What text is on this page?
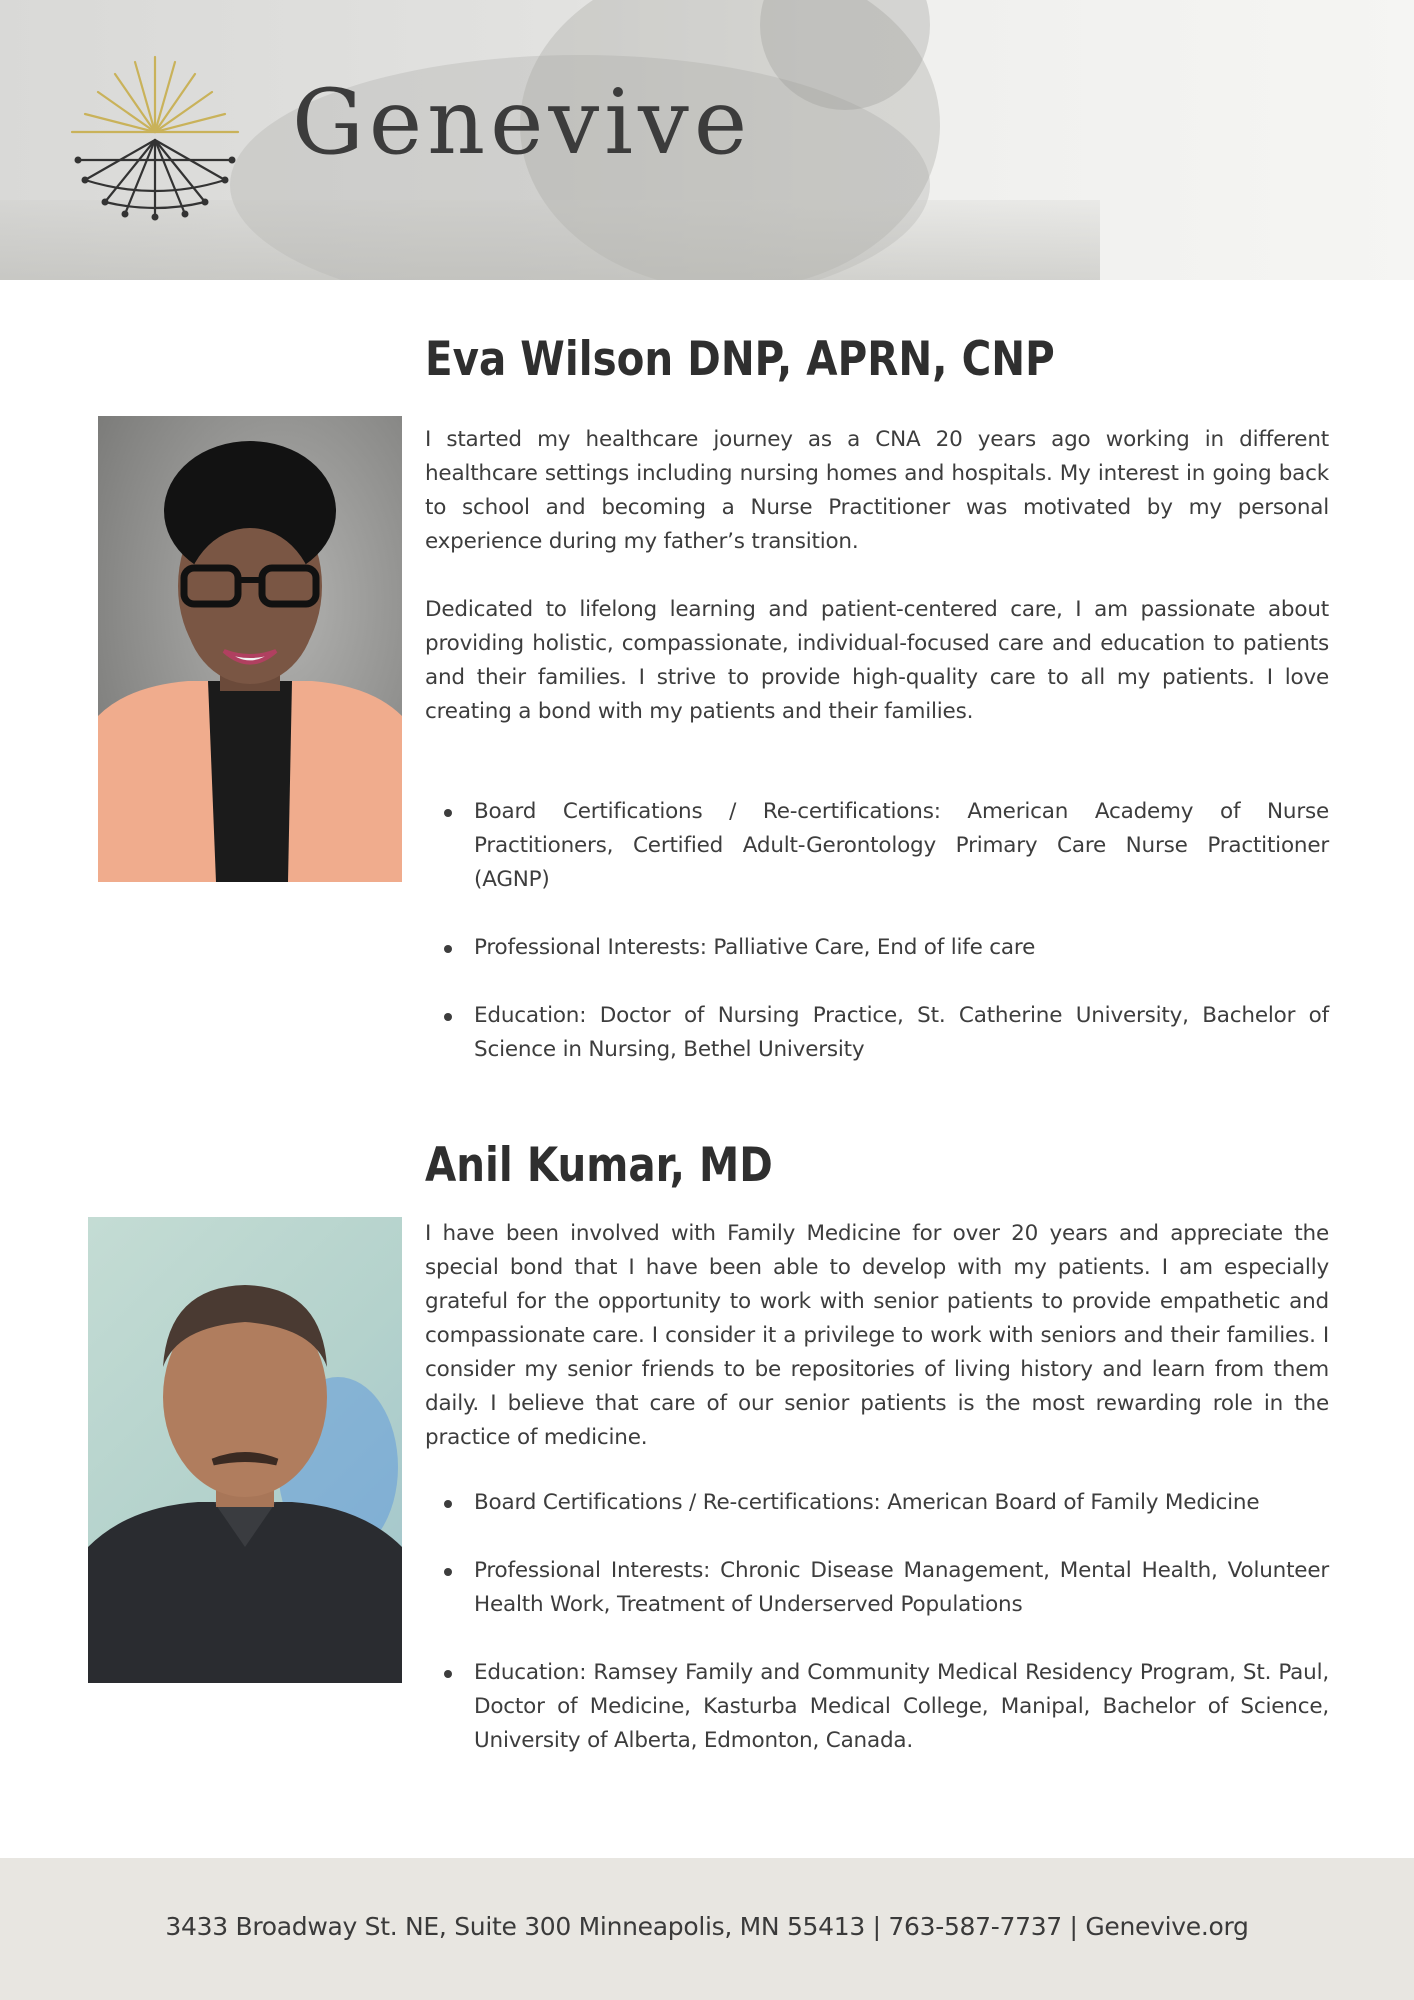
Genevive
Eva Wilson DNP, APRN, CNP

I started my healthcare journey as a CNA 20 years ago working in different healthcare settings including nursing homes and hospitals. My interest in going back to school and becoming a Nurse Practitioner was motivated by my personal experience during my father’s transition.

Dedicated to lifelong learning and patient-centered care, I am passionate about providing holistic, compassionate, individual-focused care and education to patients and their families. I strive to provide high-quality care to all my patients. I love creating a bond with my patients and their families.

Board Certifications / Re-certifications: American Academy of Nurse Practitioners, Certified Adult-Gerontology Primary Care Nurse Practitioner (AGNP)
Professional Interests: Palliative Care, End of life care
Education: Doctor of Nursing Practice, St. Catherine University, Bachelor of Science in Nursing, Bethel University
Anil Kumar, MD

I have been involved with Family Medicine for over 20 years and appreciate the special bond that I have been able to develop with my patients. I am especially grateful for the opportunity to work with senior patients to provide empathetic and compassionate care. I consider it a privilege to work with seniors and their families. I consider my senior friends to be repositories of living history and learn from them daily. I believe that care of our senior patients is the most rewarding role in the practice of medicine.

Board Certifications / Re-certifications: American Board of Family Medicine
Professional Interests: Chronic Disease Management, Mental Health, Volunteer Health Work, Treatment of Underserved Populations
Education: Ramsey Family and Community Medical Residency Program, St. Paul, Doctor of Medicine, Kasturba Medical College, Manipal, Bachelor of Science, University of Alberta, Edmonton, Canada.
3433 Broadway St. NE, Suite 300 Minneapolis, MN 55413 | 763-587-7737 | Genevive.org
